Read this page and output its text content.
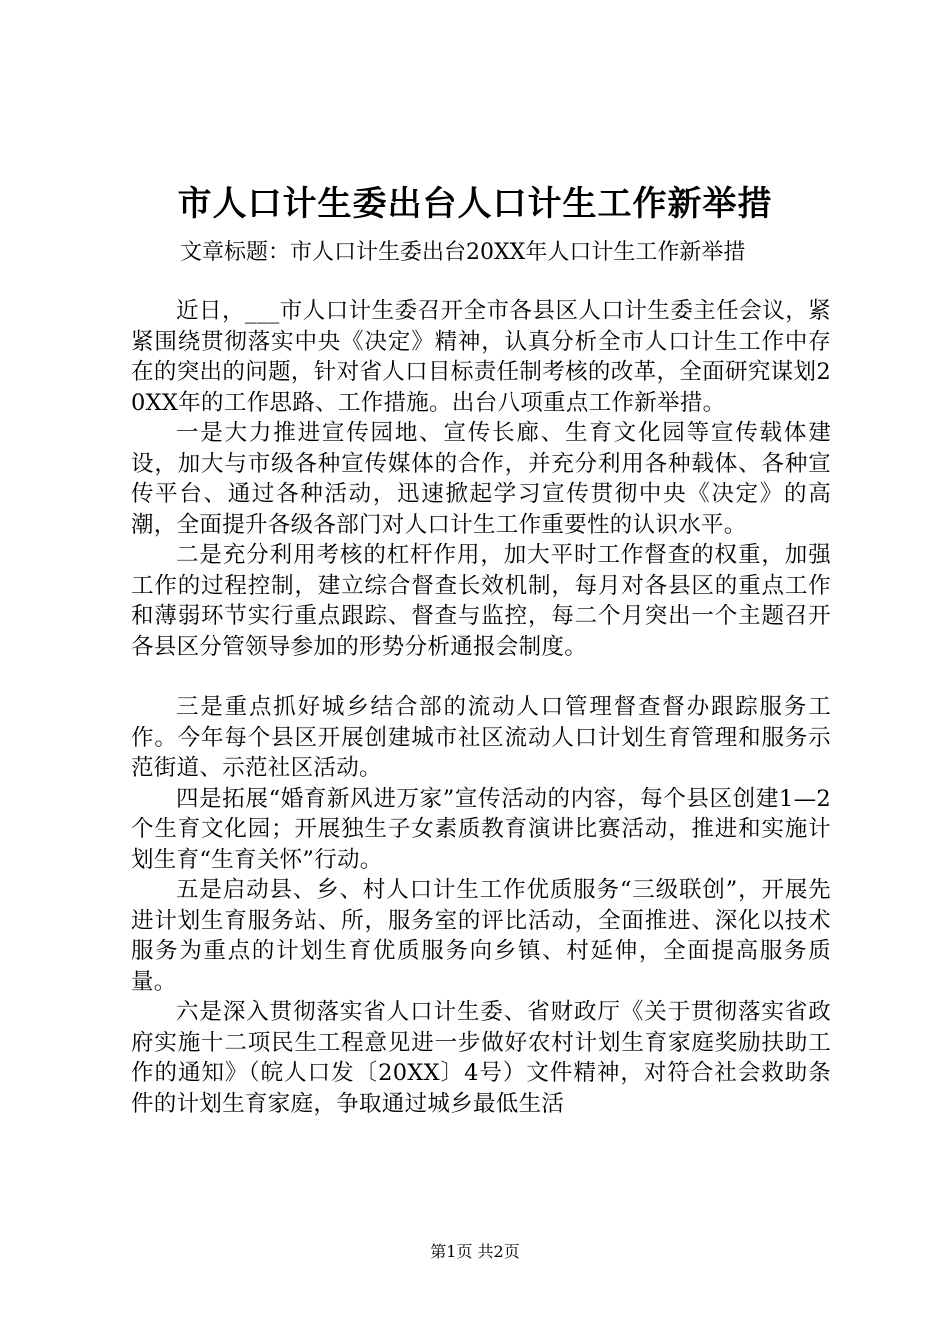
市人口计生委出台人口计生工作新举措
文章标题：市人口计生委出台20XX年人口计生工作新举措

近日，___市人口计生委召开全市各县区人口计生委主任会议，紧紧围绕贯彻落实中央《决定》精神，认真分析全市人口计生工作中存在的突出的问题，针对省人口目标责任制考核的改革，全面研究谋划20XX年的工作思路、工作措施。出台八项重点工作新举措。

一是大力推进宣传园地、宣传长廊、生育文化园等宣传载体建设，加大与市级各种宣传媒体的合作，并充分利用各种载体、各种宣传平台、通过各种活动，迅速掀起学习宣传贯彻中央《决定》的高潮，全面提升各级各部门对人口计生工作重要性的认识水平。

二是充分利用考核的杠杆作用，加大平时工作督查的权重，加强工作的过程控制，建立综合督查长效机制，每月对各县区的重点工作和薄弱环节实行重点跟踪、督查与监控，每二个月突出一个主题召开各县区分管领导参加的形势分析通报会制度。

三是重点抓好城乡结合部的流动人口管理督查督办跟踪服务工作。今年每个县区开展创建城市社区流动人口计划生育管理和服务示范街道、示范社区活动。

四是拓展“婚育新风进万家”宣传活动的内容，每个县区创建1—2个生育文化园；开展独生子女素质教育演讲比赛活动，推进和实施计划生育“生育关怀”行动。

五是启动县、乡、村人口计生工作优质服务“三级联创”，开展先进计划生育服务站、所，服务室的评比活动，全面推进、深化以技术服务为重点的计划生育优质服务向乡镇、村延伸，全面提高服务质量。

六是深入贯彻落实省人口计生委、省财政厅《关于贯彻落实省政府实施十二项民生工程意见进一步做好农村计划生育家庭奖励扶助工作的通知》（皖人口发〔20XX〕4号）文件精神，对符合社会救助条件的计划生育家庭，争取通过城乡最低生活

第1页 共2页
